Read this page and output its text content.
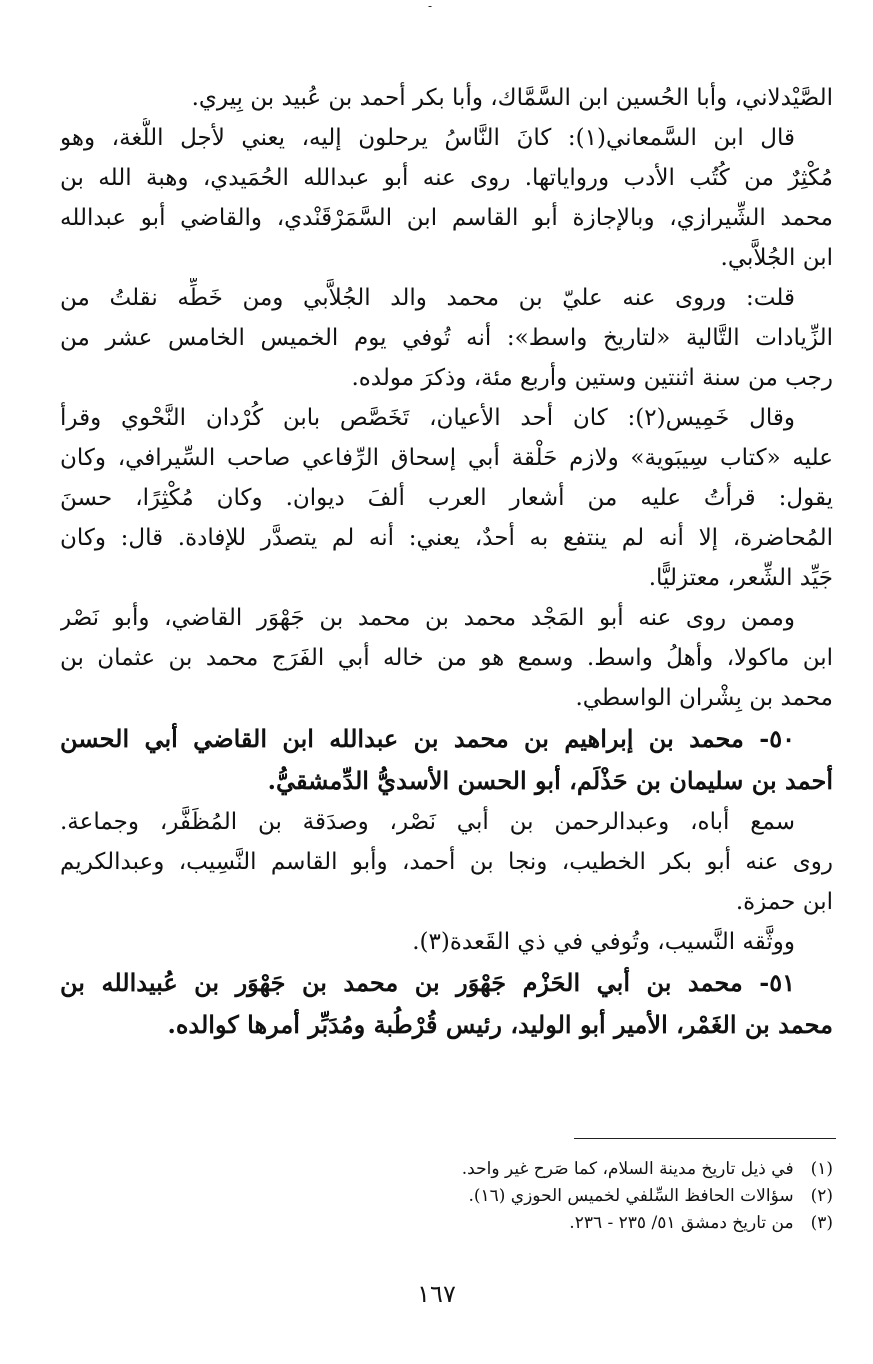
-
الصَّيْدلاني، وأبا الحُسين ابن السَّمَّاك، وأبا بكر أحمد بن عُبيد بن بِيري.
قال ابن السَّمعاني(١): كانَ النَّاسُ يرحلون إليه، يعني لأجل اللُّغة، وهو
مُكْثِرٌ من كُتُب الأدب ورواياتها. روى عنه أبو عبدالله الحُمَيدي، وهبة الله بن
محمد الشِّيرازي، وبالإجازة أبو القاسم ابن السَّمَرْقَنْدي، والقاضي أبو عبدالله
ابن الجُلاَّبي.
قلت: وروى عنه عليّ بن محمد والد الجُلاَّبي ومن خَطِّه نقلتُ من
الزِّيادات التَّالية «لتاريخ واسط»: أنه تُوفي يوم الخميس الخامس عشر من
رجب من سنة اثنتين وستين وأربع مئة، وذكرَ مولده.
وقال خَمِيس(٢): كان أحد الأعيان، تَخَصَّص بابن كُرْدان النَّحْوي وقرأ
عليه «كتاب سِيبَوية» ولازم حَلْقة أبي إسحاق الرِّفاعي صاحب السِّيرافي، وكان
يقول: قرأتُ عليه من أشعار العرب ألفَ ديوان. وكان مُكْثِرًا، حسنَ
المُحاضرة، إلا أنه لم ينتفع به أحدٌ، يعني: أنه لم يتصدَّر للإفادة. قال: وكان
جَيِّد الشِّعر، معتزليًّا.
وممن روى عنه أبو المَجْد محمد بن محمد بن جَهْوَر القاضي، وأبو نَصْر
ابن ماكولا، وأهلُ واسط. وسمع هو من خاله أبي الفَرَج محمد بن عثمان بن
محمد بن بِشْران الواسطي.
٥٠- محمد بن إبراهيم بن محمد بن عبدالله ابن القاضي أبي الحسن
أحمد بن سليمان بن حَذْلَم، أبو الحسن الأسديُّ الدِّمشقيُّ.
سمع أباه، وعبدالرحمن بن أبي نَصْر، وصدَقة بن المُظَفَّر، وجماعة.
روى عنه أبو بكر الخطيب، ونجا بن أحمد، وأبو القاسم النَّسِيب، وعبدالكريم
ابن حمزة.
ووثَّقه النَّسيب، وتُوفي في ذي القَعدة(٣).
٥١- محمد بن أبي الحَزْم جَهْوَر بن محمد بن جَهْوَر بن عُبيدالله بن
محمد بن الغَمْر، الأمير أبو الوليد، رئيس قُرْطُبة ومُدَبِّر أمرها كوالده.
(١) في ذيل تاريخ مدينة السلام، كما صَرح غير واحد.
(٢) سؤالات الحافظ السِّلفي لخميس الحوزي (١٦).
(٣) من تاريخ دمشق ٥١/ ٢٣٥ - ٢٣٦.
١٦٧
